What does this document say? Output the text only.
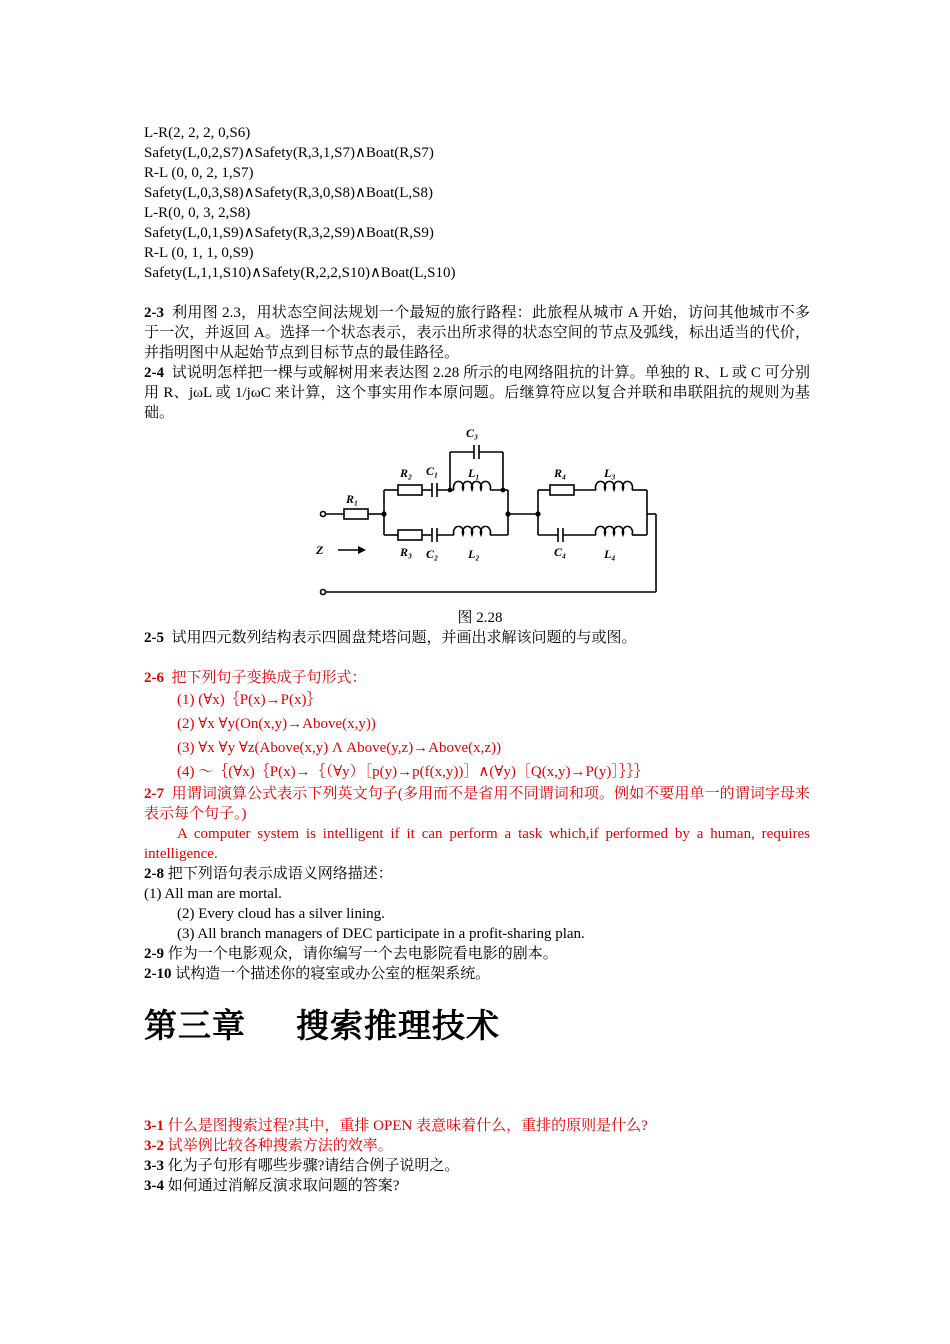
L-R(2, 2, 2, 0,S6)
Safety(L,0,2,S7)∧Safety(R,3,1,S7)∧Boat(R,S7)
R-L (0, 0, 2, 1,S7)
Safety(L,0,3,S8)∧Safety(R,3,0,S8)∧Boat(L,S8)
L-R(0, 0, 3, 2,S8)
Safety(L,0,1,S9)∧Safety(R,3,2,S9)∧Boat(R,S9)
R-L (0, 1, 1, 0,S9)
Safety(L,1,1,S10)∧Safety(R,2,2,S10)∧Boat(L,S10)
2-3 利用图 2.3，用状态空间法规划一个最短的旅行路程：此旅程从城市 A 开始，访问其他城市不多于一次，并返回 A。选择一个状态表示，表示出所求得的状态空间的节点及弧线，标出适当的代价，并指明图中从起始节点到目标节点的最佳路径。
2-4 试说明怎样把一棵与或解树用来表达图 2.28 所示的电网络阻抗的计算。单独的 R、L 或 C 可分别用 R、jωL 或 1/jωC 来计算，这个事实用作本原问题。后继算符应以复合并联和串联阻抗的规则为基础。
C₃
R₂ C₁ L₁	R₄	L₃
R₁
Z	R₃ C₂ L₂	C₄	L₄
图 2.28
2-5 试用四元数列结构表示四圆盘梵塔问题，并画出求解该问题的与或图。
2-6 把下列句子变换成子句形式：
(1) (∀x)｛P(x)→P(x)｝
(2) ∀x ∀y(On(x,y)→Above(x,y))
(3) ∀x ∀y ∀z(Above(x,y) Λ Above(y,z)→Above(x,z))
(4) ～｛(∀x)｛P(x)→｛（∀y）［p(y)→p(f(x,y))］∧(∀y)［Q(x,y)→P(y)］｝｝｝
2-7 用谓词演算公式表示下列英文句子(多用而不是省用不同谓词和项。例如不要用单一的谓词字母来表示每个句子。)
A computer system is intelligent if it can perform a task which,if performed by a human, requires intelligence.
2-8 把下列语句表示成语义网络描述：
(1) All man are mortal.
(2) Every cloud has a silver lining.
(3) All branch managers of DEC participate in a profit-sharing plan.
2-9 作为一个电影观众，请你编写一个去电影院看电影的剧本。
2-10 试构造一个描述你的寝室或办公室的框架系统。
第三章    搜索推理技术
3-1 什么是图搜索过程?其中，重排 OPEN 表意味着什么，重排的原则是什么?
3-2 试举例比较各种搜索方法的效率。
3-3 化为子句形有哪些步骤?请结合例子说明之。
3-4 如何通过消解反演求取问题的答案?
